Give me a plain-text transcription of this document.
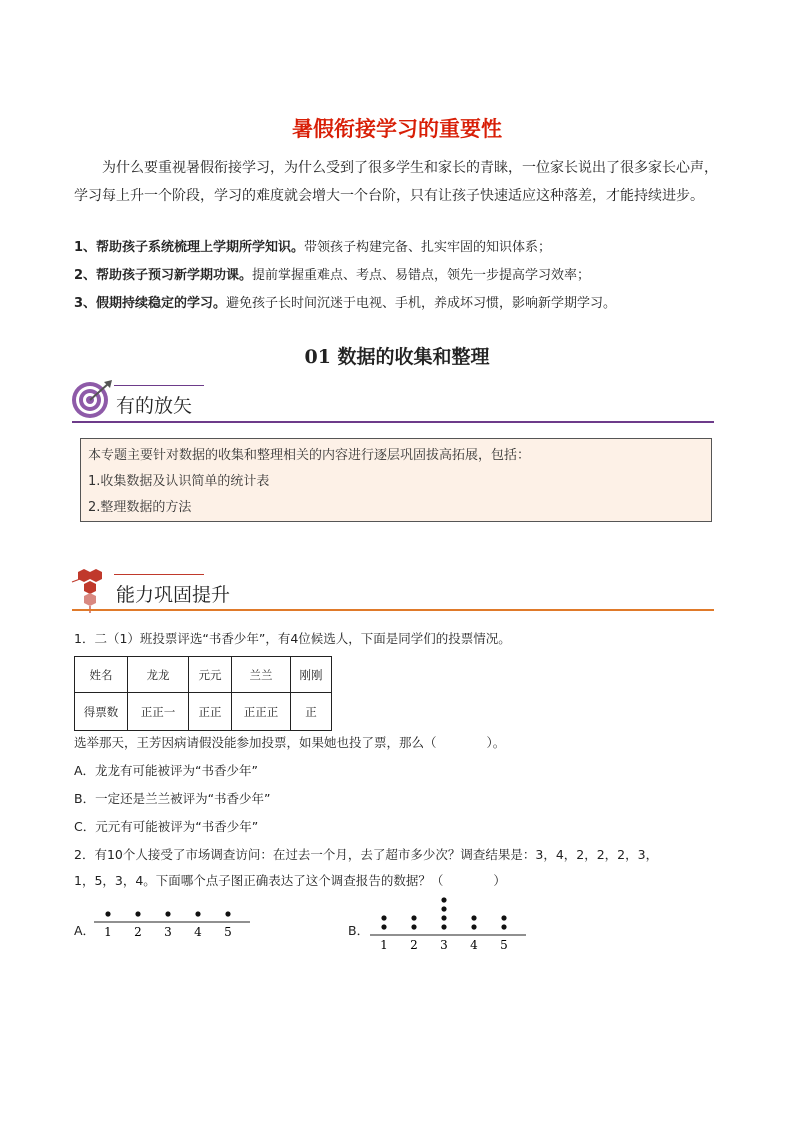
暑假衔接学习的重要性

为什么要重视暑假衔接学习，为什么受到了很多学生和家长的青睐，一位家长说出了很多家长心声，学习每上升一个阶段，学习的难度就会增大一个台阶，只有让孩子快速适应这种落差，才能持续进步。

1、帮助孩子系统梳理上学期所学知识。带领孩子构建完备、扎实牢固的知识体系；
2、帮助孩子预习新学期功课。提前掌握重难点、考点、易错点，领先一步提高学习效率；
3、假期持续稳定的学习。避免孩子长时间沉迷于电视、手机，养成坏习惯，影响新学期学习。
01 数据的收集和整理
有的放矢
本专题主要针对数据的收集和整理相关的内容进行逐层巩固拔高拓展，包括：
1.收集数据及认识简单的统计表
2.整理数据的方法
能力巩固提升
1．二（1）班投票评选“书香少年”，有4位候选人，下面是同学们的投票情况。
姓名	龙龙	元元	兰兰	刚刚
得票数	正正一	正正	正正正	正
选举那天，王芳因病请假没能参加投票，如果她也投了票，那么（　　　　）。
A．龙龙有可能被评为“书香少年”
B．一定还是兰兰被评为“书香少年”
C．元元有可能被评为“书香少年”
2．有10个人接受了市场调查访问：在过去一个月，去了超市多少次？调查结果是：3，4，2，2，2，3，
1，5，3，4。下面哪个点子图正确表达了这个调查报告的数据？（　　　　）
A． 1 2 3 4 5	B．
1 2 3 4 5
